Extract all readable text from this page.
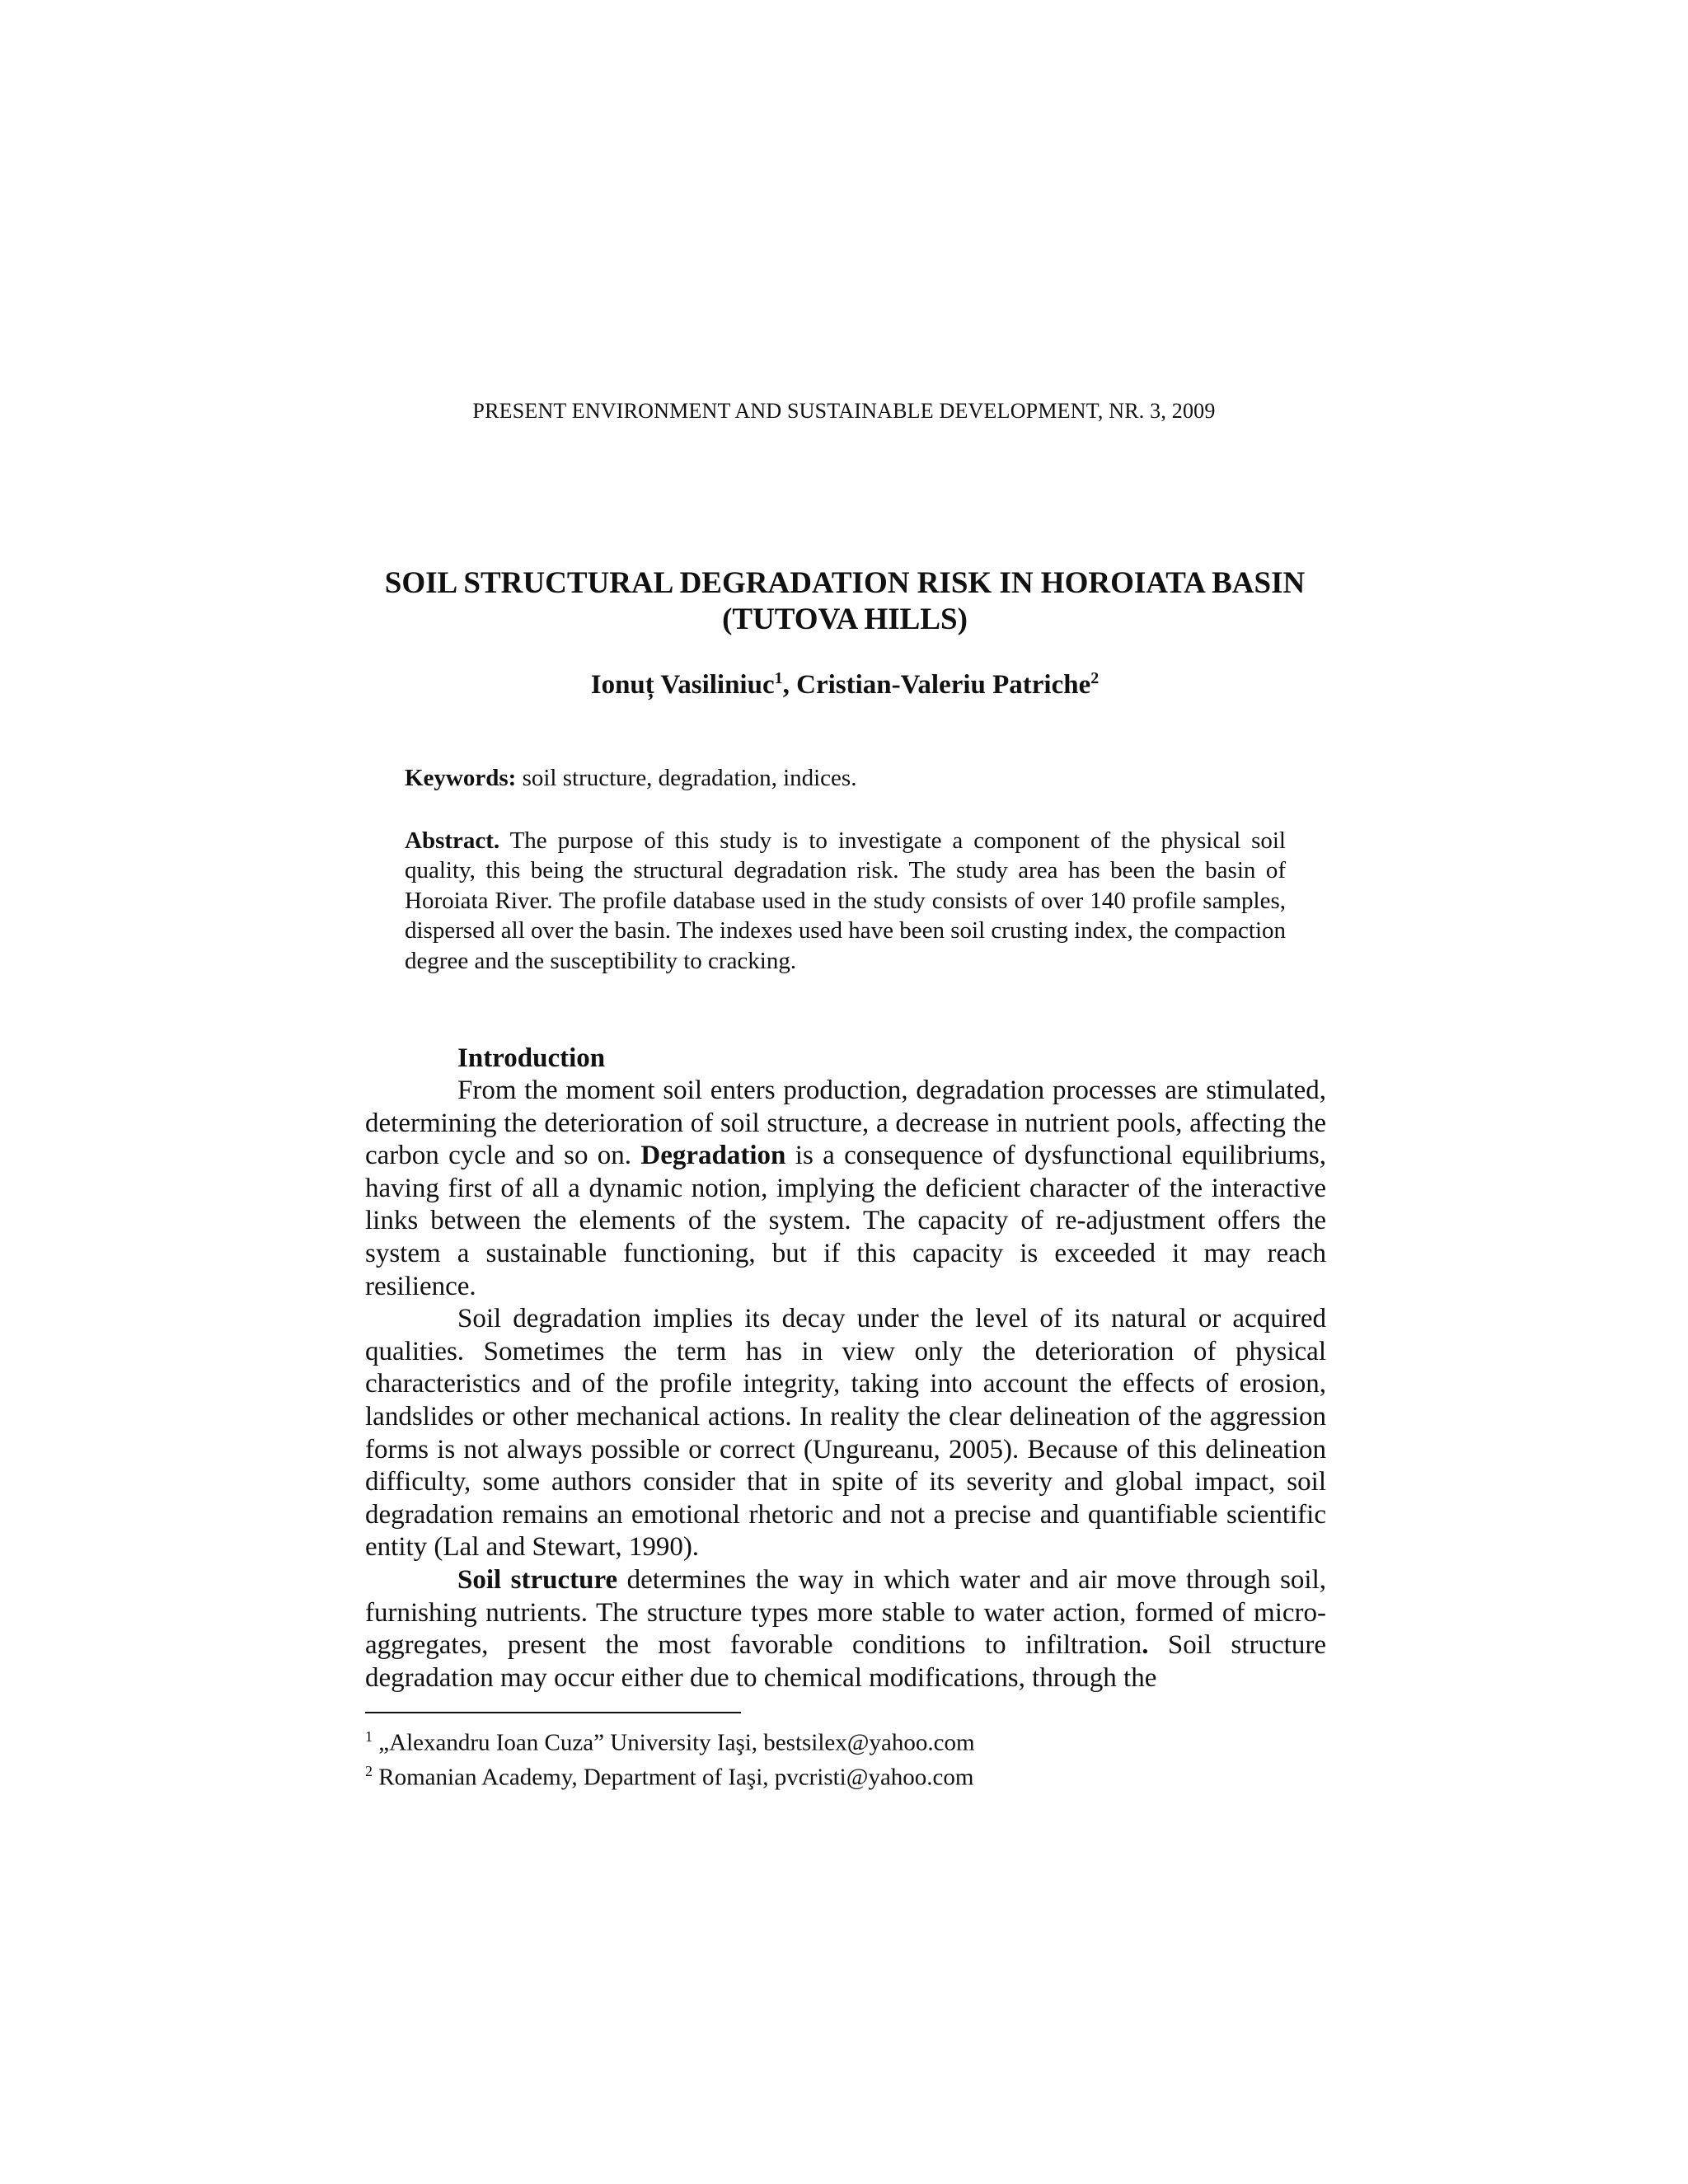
PRESENT ENVIRONMENT AND SUSTAINABLE DEVELOPMENT, NR. 3, 2009
SOIL STRUCTURAL DEGRADATION RISK IN HOROIATA BASIN
(TUTOVA HILLS)
Ionuț Vasiliniuc$^1$, Cristian-Valeriu Patriche$^2$
Keywords: soil structure, degradation, indices.
Abstract. The purpose of this study is to investigate a component of the physical soil quality, this being the structural degradation risk. The study area has been the basin of Horoiata River. The profile database used in the study consists of over 140 profile samples, dispersed all over the basin. The indexes used have been soil crusting index, the compaction degree and the susceptibility to cracking.
Introduction

From the moment soil enters production, degradation processes are stimulated, determining the deterioration of soil structure, a decrease in nutrient pools, affecting the carbon cycle and so on. Degradation is a consequence of dysfunctional equilibriums, having first of all a dynamic notion, implying the deficient character of the interactive links between the elements of the system. The capacity of re-adjustment offers the system a sustainable functioning, but if this capacity is exceeded it may reach resilience.

Soil degradation implies its decay under the level of its natural or acquired qualities. Sometimes the term has in view only the deterioration of physical characteristics and of the profile integrity, taking into account the effects of erosion, landslides or other mechanical actions. In reality the clear delineation of the aggression forms is not always possible or correct (Ungureanu, 2005). Because of this delineation difficulty, some authors consider that in spite of its severity and global impact, soil degradation remains an emotional rhetoric and not a precise and quantifiable scientific entity (Lal and Stewart, 1990).

Soil structure determines the way in which water and air move through soil, furnishing nutrients. The structure types more stable to water action, formed of micro-aggregates, present the most favorable conditions to infiltration. Soil structure degradation may occur either due to chemical modifications, through the

$^1$ „Alexandru Ioan Cuza” University Iaşi, bestsilex@yahoo.com
$^2$ Romanian Academy, Department of Iaşi, pvcristi@yahoo.com
